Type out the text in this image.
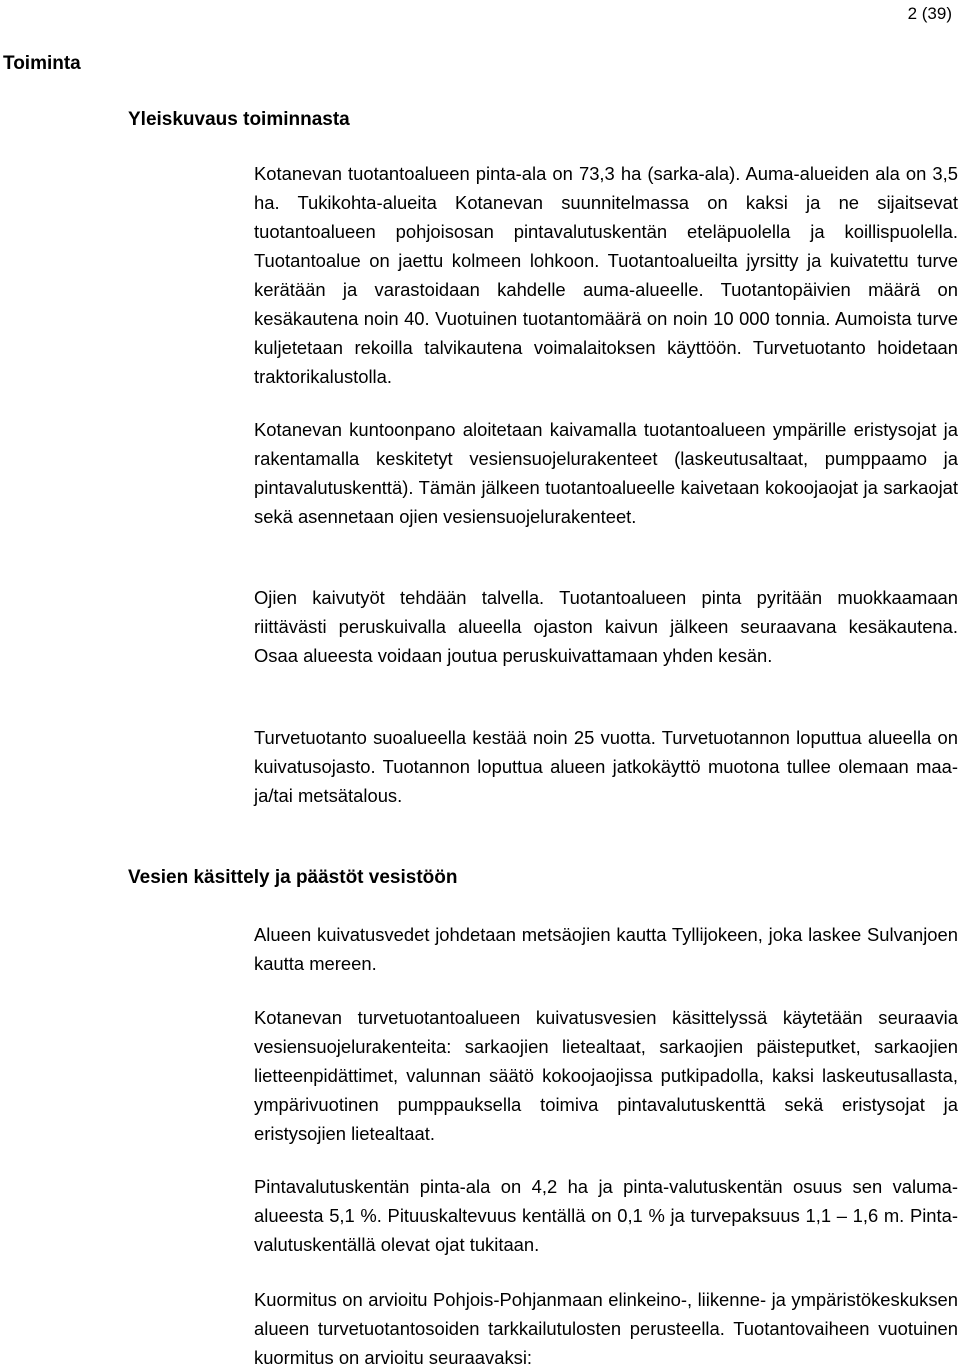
2 (39)
Toiminta
Yleiskuvaus toiminnasta

Kotanevan tuotantoalueen pinta-ala on 73,3 ha (sarka-ala). Auma-alueiden ala on 3,5 ha. Tukikohta-alueita Kotanevan suunnitelmassa on kaksi ja ne sijaitsevat tuotantoalueen pohjoisosan pintavalutuskentän eteläpuolella ja koillispuolella. Tuotantoalue on jaettu kolmeen lohkoon. Tuotantoalueilta jyrsitty ja kuivatettu turve kerätään ja varastoidaan kahdelle auma-alueelle. Tuotantopäivien määrä on kesäkautena noin 40. Vuotuinen tuotantomäärä on noin 10 000 tonnia. Aumoista turve kuljetetaan rekoilla talvikautena voimalaitoksen käyttöön. Turvetuotanto hoidetaan traktorikalustolla.

Kotanevan kuntoonpano aloitetaan kaivamalla tuotantoalueen ympärille eristysojat ja rakentamalla keskitetyt vesiensuojelurakenteet (laskeutusaltaat, pumppaamo ja pintavalutuskenttä). Tämän jälkeen tuotantoalueelle kaivetaan kokoojaojat ja sarkaojat sekä asennetaan ojien vesiensuojelurakenteet.

Ojien kaivutyöt tehdään talvella. Tuotantoalueen pinta pyritään muokkaamaan riittävästi peruskuivalla alueella ojaston kaivun jälkeen seuraavana kesäkautena. Osaa alueesta voidaan joutua peruskuivattamaan yhden kesän.

Turvetuotanto suoalueella kestää noin 25 vuotta. Turvetuotannon loputtua alueella on kuivatusojasto. Tuotannon loputtua alueen jatkokäyttö muotona tullee olemaan maa- ja/tai metsätalous.

Vesien käsittely ja päästöt vesistöön

Alueen kuivatusvedet johdetaan metsäojien kautta Tyllijokeen, joka laskee Sulvanjoen kautta mereen.

Kotanevan turvetuotantoalueen kuivatusvesien käsittelyssä käytetään seuraavia vesiensuojelurakenteita: sarkaojien lietealtaat, sarkaojien päisteputket, sarkaojien lietteenpidättimet, valunnan säätö kokoojaojissa putkipadolla, kaksi laskeutusallasta, ympärivuotinen pumppauksella toimiva pintavalutuskenttä sekä eristysojat ja eristysojien lietealtaat.

Pintavalutuskentän pinta-ala on 4,2 ha ja pinta-valutuskentän osuus sen valuma-alueesta 5,1 %. Pituuskaltevuus kentällä on 0,1 % ja turvepaksuus 1,1 – 1,6 m. Pinta-valutuskentällä olevat ojat tukitaan.

Kuormitus on arvioitu Pohjois-Pohjanmaan elinkeino-, liikenne- ja ympäristökeskuksen alueen turvetuotantosoiden tarkkailutulosten perusteella. Tuotantovaiheen vuotuinen kuormitus on arvioitu seuraavaksi:
